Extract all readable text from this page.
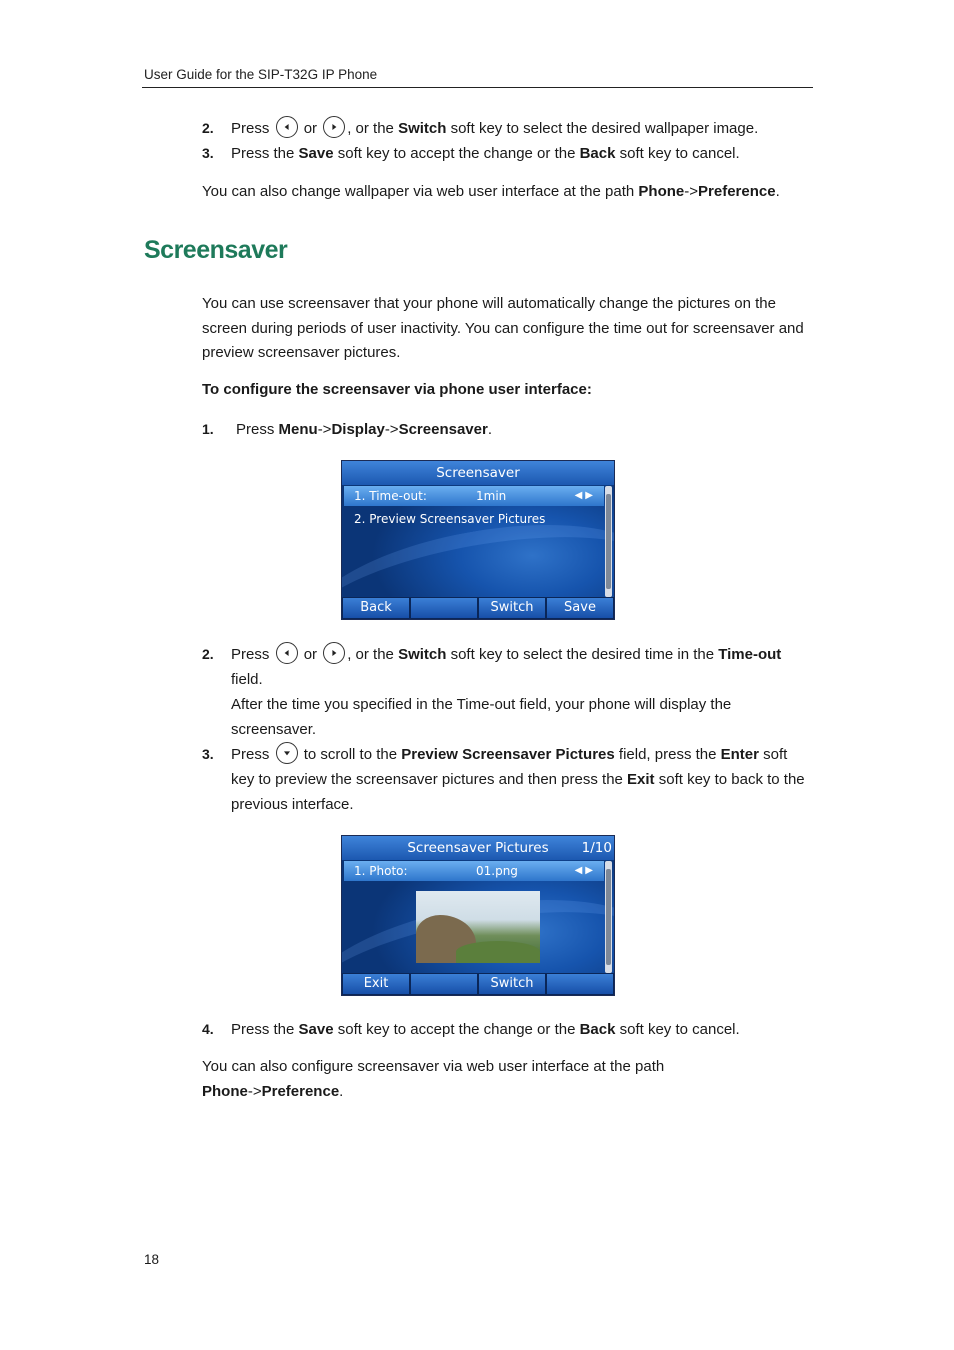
User Guide for the SIP-T32G IP Phone
2. Press or , or the Switch soft key to select the desired wallpaper image.
3. Press the Save soft key to accept the change or the Back soft key to cancel.
You can also change wallpaper via web user interface at the path Phone->Preference.
Screensaver
You can use screensaver that your phone will automatically change the pictures on the screen during periods of user inactivity. You can configure the time out for screensaver and preview screensaver pictures.
To configure the screensaver via phone user interface:
1. Press Menu->Display->Screensaver.
Screensaver
1. Time-out:	1min	◀▶
2. Preview Screensaver Pictures
Back	Switch	Save
2. Press or , or the Switch soft key to select the desired time in the Time-out field.
After the time you specified in the Time-out field, your phone will display the screensaver.
3. Press to scroll to the Preview Screensaver Pictures field, press the Enter soft key to preview the screensaver pictures and then press the Exit soft key to back to the previous interface.
Screensaver Pictures 1/10
1. Photo:	01.png	◀▶
Exit	Switch
4. Press the Save soft key to accept the change or the Back soft key to cancel.
You can also configure screensaver via web user interface at the path Phone->Preference.
18
